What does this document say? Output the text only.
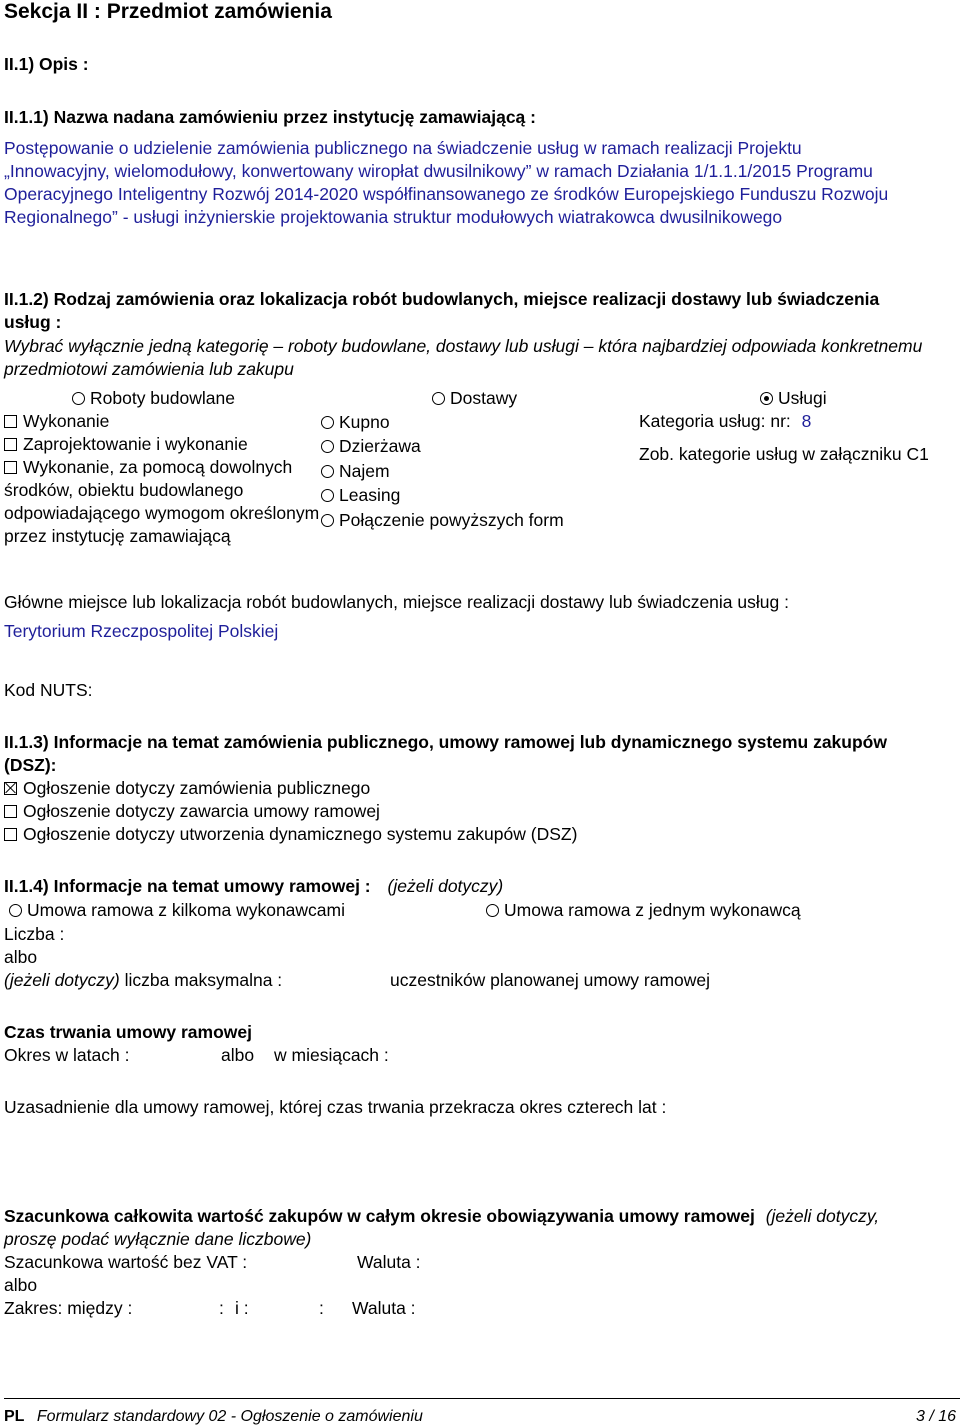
Sekcja II : Przedmiot zamówienia
II.1) Opis :
II.1.1) Nazwa nadana zamówieniu przez instytucję zamawiającą :
Postępowanie o udzielenie zamówienia publicznego na świadczenie usług w ramach realizacji Projektu „Innowacyjny, wielomodułowy, konwertowany wiropłat dwusilnikowy” w ramach Działania 1/1.1.1/2015 Programu Operacyjnego Inteligentny Rozwój 2014-2020 współfinansowanego ze środków Europejskiego Funduszu Rozwoju Regionalnego” - usługi inżynierskie projektowania struktur modułowych wiatrakowca dwusilnikowego
II.1.2) Rodzaj zamówienia oraz lokalizacja robót budowlanych, miejsce realizacji dostawy lub świadczenia usług :
Wybrać wyłącznie jedną kategorię – roboty budowlane, dostawy lub usługi – która najbardziej odpowiada konkretnemu przedmiotowi zamówienia lub zakupu
Roboty budowlane	Dostawy	Usługi
Wykonanie
Zaprojektowanie i wykonanie
Wykonanie, za pomocą dowolnych środków, obiektu budowlanego odpowiadającego wymogom określonym przez instytucję zamawiającą
Kupno
Dzierżawa
Najem
Leasing
Połączenie powyższych form
Kategoria usług: nr: 8
Zob. kategorie usług w załączniku C1
Główne miejsce lub lokalizacja robót budowlanych, miejsce realizacji dostawy lub świadczenia usług :
Terytorium Rzeczpospolitej Polskiej
Kod NUTS:
II.1.3) Informacje na temat zamówienia publicznego, umowy ramowej lub dynamicznego systemu zakupów (DSZ):
Ogłoszenie dotyczy zamówienia publicznego
Ogłoszenie dotyczy zawarcia umowy ramowej
Ogłoszenie dotyczy utworzenia dynamicznego systemu zakupów (DSZ)
II.1.4) Informacje na temat umowy ramowej : (jeżeli dotyczy)
Umowa ramowa z kilkoma wykonawcami	Umowa ramowa z jednym wykonawcą
Liczba :
albo
(jeżeli dotyczy) liczba maksymalna :	uczestników planowanej umowy ramowej
Czas trwania umowy ramowej
Okres w latach :	albo w miesiącach :
Uzasadnienie dla umowy ramowej, której czas trwania przekracza okres czterech lat :
Szacunkowa całkowita wartość zakupów w całym okresie obowiązywania umowy ramowej (jeżeli dotyczy, proszę podać wyłącznie dane liczbowe)
Szacunkowa wartość bez VAT :	Waluta :
albo
Zakres: między :	: i :	: Waluta :
PL Formularz standardowy 02 - Ogłoszenie o zamówieniu	3 / 16
